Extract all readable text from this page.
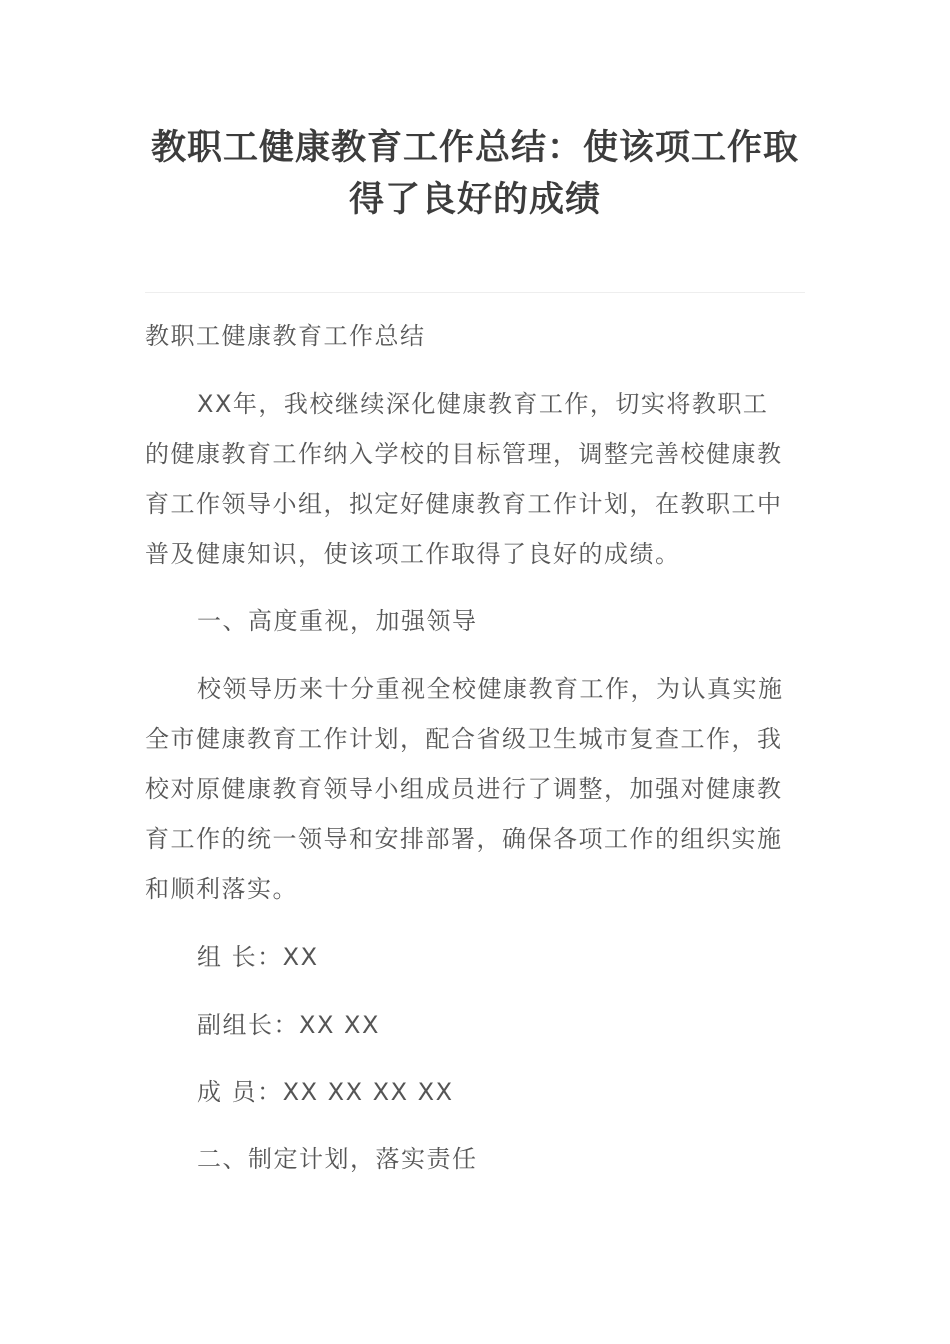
教职工健康教育工作总结：使该项工作取得了良好的成绩

教职工健康教育工作总结

XX年，我校继续深化健康教育工作，切实将教职工的健康教育工作纳入学校的目标管理，调整完善校健康教育工作领导小组，拟定好健康教育工作计划，在教职工中普及健康知识，使该项工作取得了良好的成绩。

一、高度重视，加强领导

校领导历来十分重视全校健康教育工作，为认真实施全市健康教育工作计划，配合省级卫生城市复查工作，我校对原健康教育领导小组成员进行了调整，加强对健康教育工作的统一领导和安排部署，确保各项工作的组织实施和顺利落实。

组 长：XX

副组长：XX XX

成 员：XX XX XX XX

二、制定计划，落实责任
